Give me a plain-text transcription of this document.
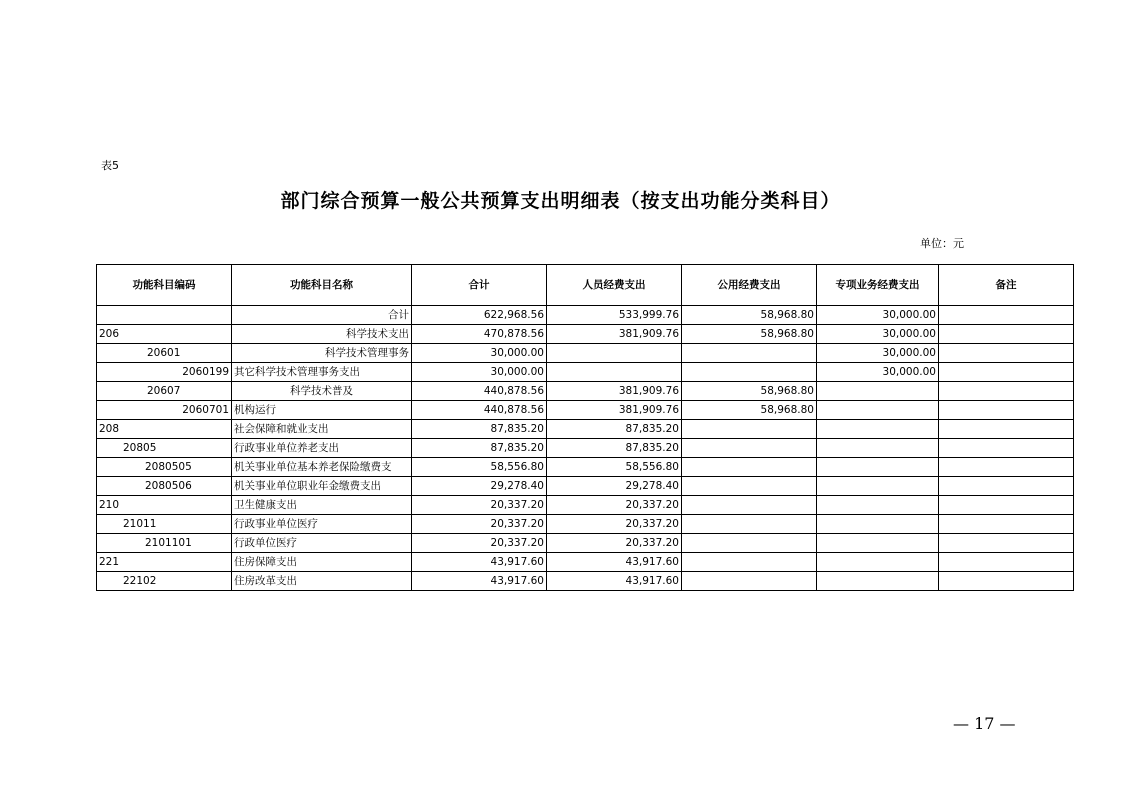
表5
部门综合预算一般公共预算支出明细表（按支出功能分类科目）
单位：元
功能科目编码	功能科目名称	合计	人员经费支出	公用经费支出	专项业务经费支出	备注
	合计	622,968.56	533,999.76	58,968.80	30,000.00	
206	科学技术支出	470,878.56	381,909.76	58,968.80	30,000.00	
20601	科学技术管理事务	30,000.00			30,000.00	
2060199	其它科学技术管理事务支出	30,000.00			30,000.00	
20607	科学技术普及	440,878.56	381,909.76	58,968.80		
2060701	机构运行	440,878.56	381,909.76	58,968.80		
208	社会保障和就业支出	87,835.20	87,835.20			
20805	行政事业单位养老支出	87,835.20	87,835.20			
2080505	机关事业单位基本养老保险缴费支	58,556.80	58,556.80			
2080506	机关事业单位职业年金缴费支出	29,278.40	29,278.40			
210	卫生健康支出	20,337.20	20,337.20			
21011	行政事业单位医疗	20,337.20	20,337.20			
2101101	行政单位医疗	20,337.20	20,337.20			
221	住房保障支出	43,917.60	43,917.60			
22102	住房改革支出	43,917.60	43,917.60			
— 17 —
